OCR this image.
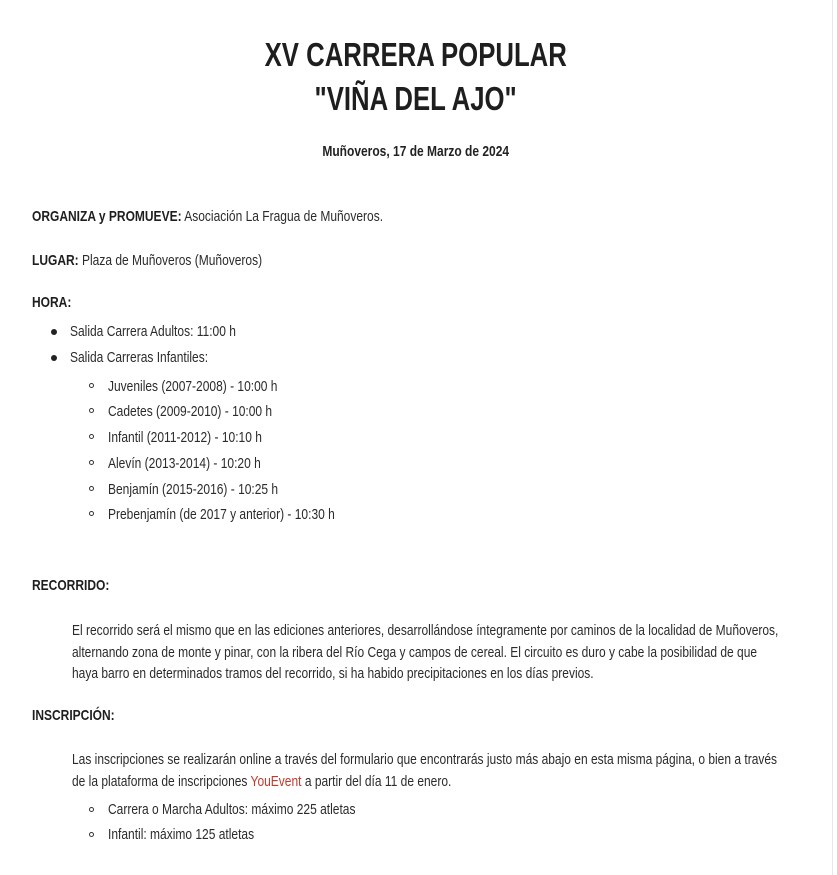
XV CARRERA POPULAR
"VIÑA DEL AJO"
Muñoveros, 17 de Marzo de 2024
ORGANIZA y PROMUEVE: Asociación La Fragua de Muñoveros.
LUGAR: Plaza de Muñoveros (Muñoveros)
HORA:
Salida Carrera Adultos: 11:00 h
Salida Carreras Infantiles:
Juveniles (2007-2008) - 10:00 h
Cadetes (2009-2010) - 10:00 h
Infantil (2011-2012) - 10:10 h
Alevín (2013-2014) - 10:20 h
Benjamín (2015-2016) - 10:25 h
Prebenjamín (de 2017 y anterior) - 10:30 h
RECORRIDO:
El recorrido será el mismo que en las ediciones anteriores, desarrollándose íntegramente por caminos de la localidad de Muñoveros,
alternando zona de monte y pinar, con la ribera del Río Cega y campos de cereal. El circuito es duro y cabe la posibilidad de que
haya barro en determinados tramos del recorrido, si ha habido precipitaciones en los días previos.
INSCRIPCIÓN:
Las inscripciones se realizarán online a través del formulario que encontrarás justo más abajo en esta misma página, o bien a través
de la plataforma de inscripciones YouEvent a partir del día 11 de enero.
Carrera o Marcha Adultos: máximo 225 atletas
Infantil: máximo 125 atletas
